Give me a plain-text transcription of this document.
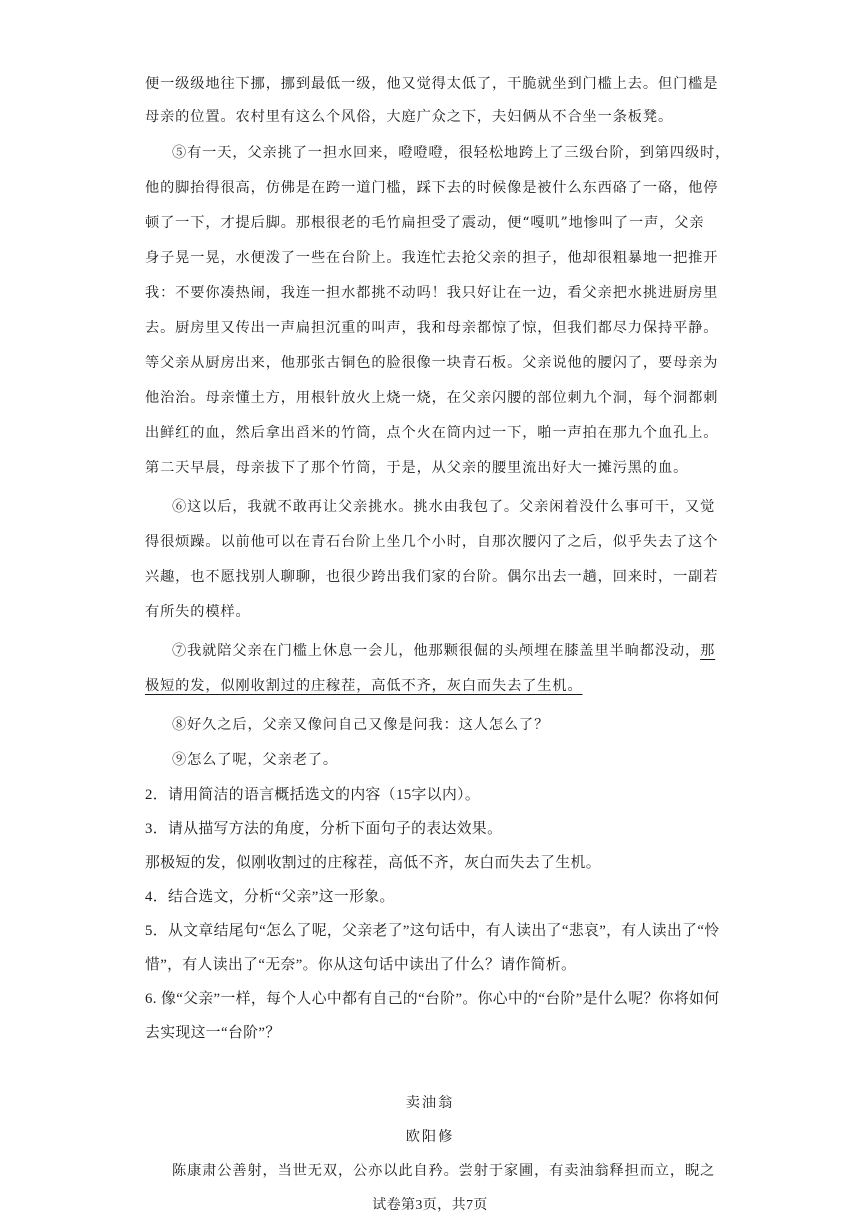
便一级级地往下挪，挪到最低一级，他又觉得太低了，干脆就坐到门槛上去。但门槛是
母亲的位置。农村里有这么个风俗，大庭广众之下，夫妇俩从不合坐一条板凳。
⑤有一天，父亲挑了一担水回来，噔噔噔，很轻松地跨上了三级台阶，到第四级时，
他的脚抬得很高，仿佛是在跨一道门槛，踩下去的时候像是被什么东西硌了一硌，他停
顿了一下，才提后脚。那根很老的毛竹扁担受了震动，便“嘎叽”地惨叫了一声，父亲
身子晃一晃，水便泼了一些在台阶上。我连忙去抢父亲的担子，他却很粗暴地一把推开
我：不要你凑热闹，我连一担水都挑不动吗！我只好让在一边，看父亲把水挑进厨房里
去。厨房里又传出一声扁担沉重的叫声，我和母亲都惊了惊，但我们都尽力保持平静。
等父亲从厨房出来，他那张古铜色的脸很像一块青石板。父亲说他的腰闪了，要母亲为
他治治。母亲懂土方，用根针放火上烧一烧，在父亲闪腰的部位刺九个洞，每个洞都刺
出鲜红的血，然后拿出舀米的竹筒，点个火在筒内过一下，啪一声拍在那九个血孔上。
第二天早晨，母亲拔下了那个竹筒，于是，从父亲的腰里流出好大一摊污黑的血。
⑥这以后，我就不敢再让父亲挑水。挑水由我包了。父亲闲着没什么事可干，又觉
得很烦躁。以前他可以在青石台阶上坐几个小时，自那次腰闪了之后，似乎失去了这个
兴趣，也不愿找别人聊聊，也很少跨出我们家的台阶。偶尔出去一趟，回来时，一副若
有所失的模样。
⑦我就陪父亲在门槛上休息一会儿，他那颗很倔的头颅埋在膝盖里半晌都没动，那
极短的发，似刚收割过的庄稼茬，高低不齐，灰白而失去了生机。
⑧好久之后，父亲又像问自己又像是问我：这人怎么了？
⑨怎么了呢，父亲老了。
2．请用简洁的语言概括选文的内容（15字以内）。
3．请从描写方法的角度，分析下面句子的表达效果。
那极短的发，似刚收割过的庄稼茬，高低不齐，灰白而失去了生机。
4．结合选文，分析“父亲”这一形象。
5．从文章结尾句“怎么了呢，父亲老了”这句话中，有人读出了“悲哀”，有人读出了“怜
惜”，有人读出了“无奈”。你从这句话中读出了什么？请作简析。
6. 像“父亲”一样，每个人心中都有自己的“台阶”。你心中的“台阶”是什么呢？你将如何
去实现这一“台阶”？
卖油翁
欧阳修
陈康肃公善射，当世无双，公亦以此自矜。尝射于家圃，有卖油翁释担而立，睨之
试卷第3页，共7页
